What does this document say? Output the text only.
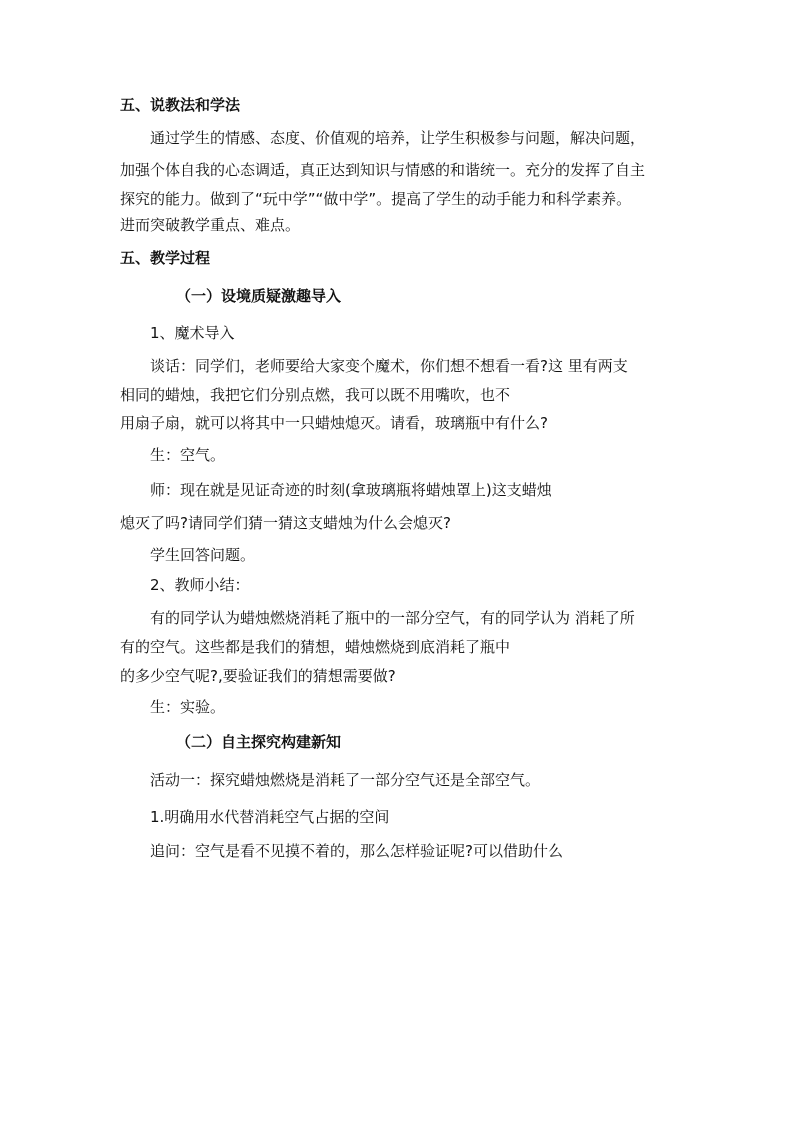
五、说教法和学法
通过学生的情感、态度、价值观的培养，让学生积极参与问题，解决问题，
加强个体自我的心态调适，真正达到知识与情感的和谐统一。充分的发挥了自主
探究的能力。做到了“玩中学”“做中学”。提高了学生的动手能力和科学素养。
进而突破教学重点、难点。
五、教学过程
（一）设境质疑激趣导入
1、魔术导入
谈话：同学们，老师要给大家变个魔术，你们想不想看一看?这 里有两支
相同的蜡烛，我把它们分别点燃，我可以既不用嘴吹，也不
用扇子扇，就可以将其中一只蜡烛熄灭。请看，玻璃瓶中有什么?
生：空气。
师：现在就是见证奇迹的时刻(拿玻璃瓶将蜡烛罩上)这支蜡烛
熄灭了吗?请同学们猜一猜这支蜡烛为什么会熄灭?
学生回答问题。
2、教师小结：
有的同学认为蜡烛燃烧消耗了瓶中的一部分空气，有的同学认为 消耗了所
有的空气。这些都是我们的猜想，蜡烛燃烧到底消耗了瓶中
的多少空气呢?,要验证我们的猜想需要做?
生：实验。
（二）自主探究构建新知
活动一：探究蜡烛燃烧是消耗了一部分空气还是全部空气。
1.明确用水代替消耗空气占据的空间
追问：空气是看不见摸不着的，那么怎样验证呢?可以借助什么
